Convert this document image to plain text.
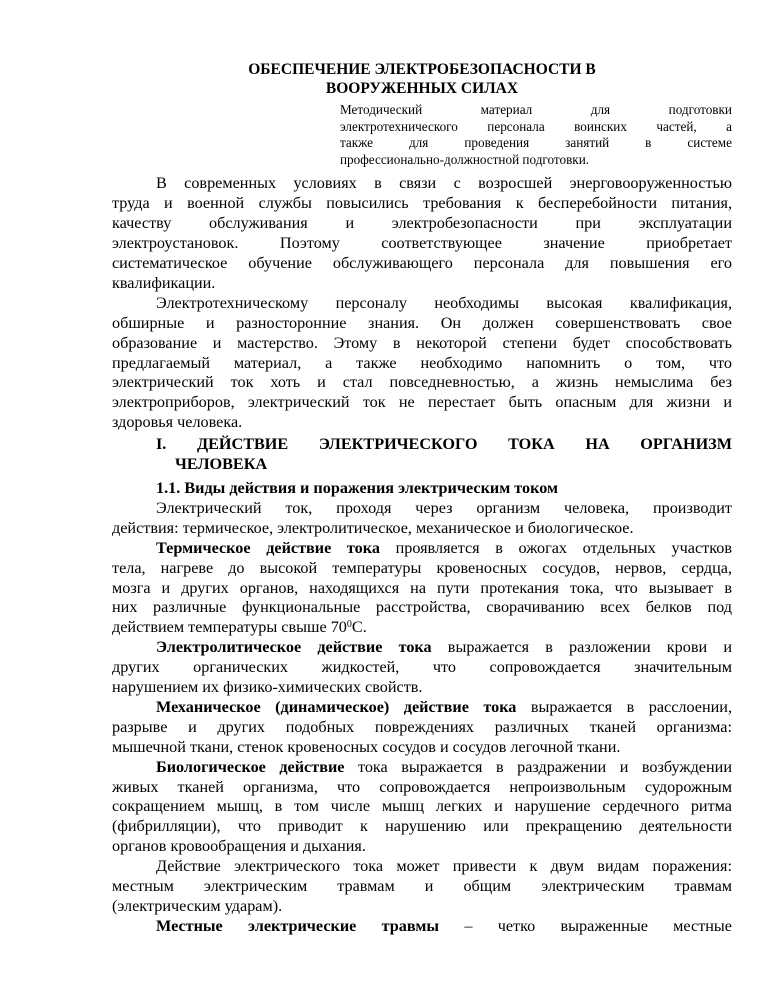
ОБЕСПЕЧЕНИЕ ЭЛЕКТРОБЕЗОПАСНОСТИ В
ВООРУЖЕННЫХ СИЛАХ
Методический материал для подготовки
электротехнического персонала воинских частей, а
также для проведения занятий в системе
профессионально-должностной подготовки.

В современных условиях в связи с возросшей энерговооруженностью
труда и военной службы повысились требования к бесперебойности питания,
качеству обслуживания и электробезопасности при эксплуатации
электроустановок. Поэтому соответствующее значение приобретает
систематическое обучение обслуживающего персонала для повышения его
квалификации.

Электротехническому персоналу необходимы высокая квалификация,
обширные и разносторонние знания. Он должен совершенствовать свое
образование и мастерство. Этому в некоторой степени будет способствовать
предлагаемый материал, а также необходимо напомнить о том, что
электрический ток хоть и стал повседневностью, а жизнь немыслима без
электроприборов, электрический ток не перестает быть опасным для жизни и
здоровья человека.

I. ДЕЙСТВИЕ ЭЛЕКТРИЧЕСКОГО ТОКА НА ОРГАНИЗМ
ЧЕЛОВЕКА
1.1. Виды действия и поражения электрическим током

Электрический ток, проходя через организм человека, производит
действия: термическое, электролитическое, механическое и биологическое.

Термическое действие тока проявляется в ожогах отдельных участков
тела, нагреве до высокой температуры кровеносных сосудов, нервов, сердца,
мозга и других органов, находящихся на пути протекания тока, что вызывает в
них различные функциональные расстройства, сворачиванию всех белков под
действием температуры свыше $70^0С$.

Электролитическое действие тока выражается в разложении крови и
других органических жидкостей, что сопровождается значительным
нарушением их физико-химических свойств.

Механическое (динамическое) действие тока выражается в расслоении,
разрыве и других подобных повреждениях различных тканей организма:
мышечной ткани, стенок кровеносных сосудов и сосудов легочной ткани.

Биологическое действие тока выражается в раздражении и возбуждении
живых тканей организма, что сопровождается непроизвольным судорожным
сокращением мышц, в том числе мышц легких и нарушение сердечного ритма
(фибрилляции), что приводит к нарушению или прекращению деятельности
органов кровообращения и дыхания.

Действие электрического тока может привести к двум видам поражения:
местным электрическим травмам и общим электрическим травмам
(электрическим ударам).

Местные электрические травмы – четко выраженные местные
